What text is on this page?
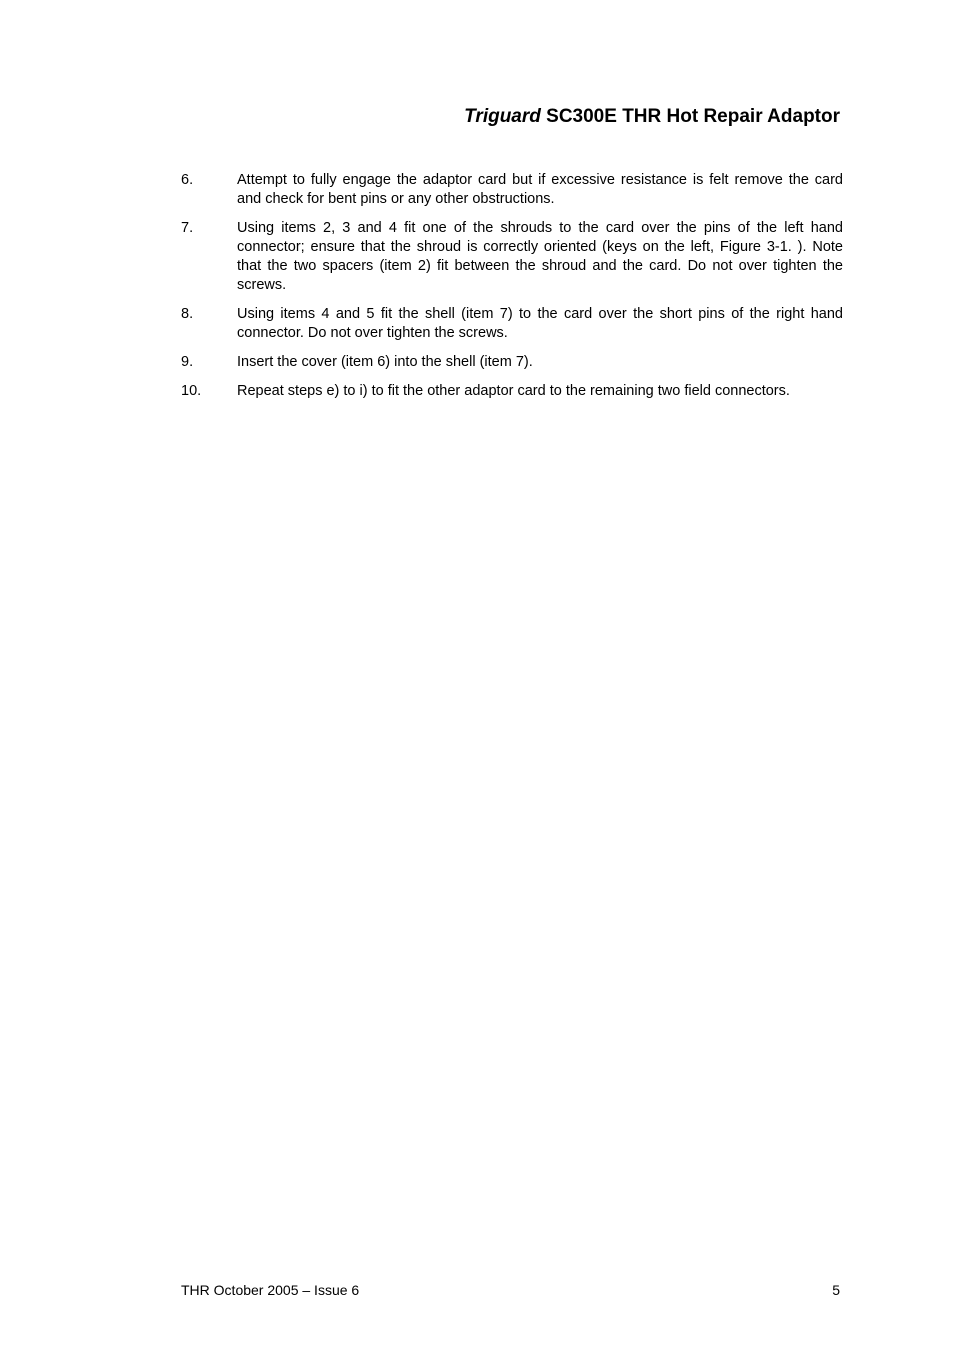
Triguard SC300E THR Hot Repair Adaptor
6.	Attempt to fully engage the adaptor card but if excessive resistance is felt remove the card and check for bent pins or any other obstructions.
7.	Using items 2, 3 and 4 fit one of the shrouds to the card over the pins of the left hand connector; ensure that the shroud is correctly oriented (keys on the left, Figure 3-1. ). Note that the two spacers (item 2) fit between the shroud and the card. Do not over tighten the screws.
8.	Using items 4 and 5 fit the shell (item 7) to the card over the short pins of the right hand connector. Do not over tighten the screws.
9.	Insert the cover (item 6) into the shell (item 7).
10.	Repeat steps e) to i) to fit the other adaptor card to the remaining two field connectors.
THR October 2005 – Issue 6	5
